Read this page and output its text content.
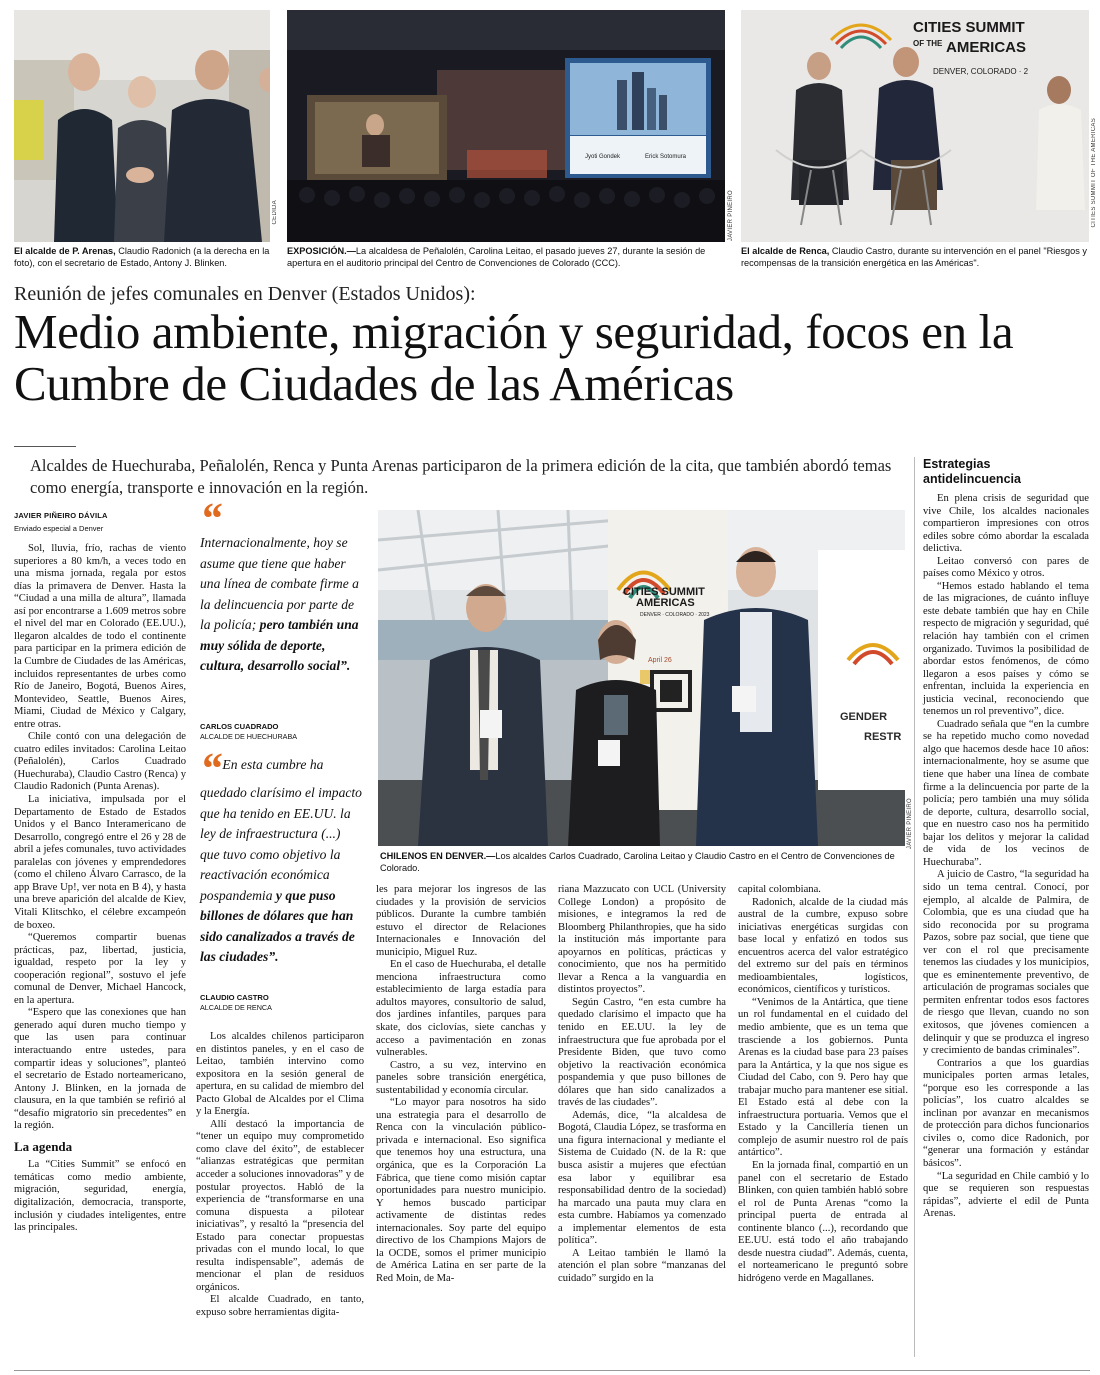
CEDIDA
Jyoti Gondek	Erick Sotomura
JAVIER PIÑEIRO
CITIES SUMMIT
OF THE AMERICAS
DENVER, COLORADO · 2
CITIES SUMMIT OF THE AMERICAS
El alcalde de P. Arenas, Claudio Radonich (a la derecha en la foto), con el secretario de Estado, Antony J. Blinken.
EXPOSICIÓN.—La alcaldesa de Peñalolén, Carolina Leitao, el pasado jueves 27, durante la sesión de apertura en el auditorio principal del Centro de Convenciones de Colorado (CCC).
El alcalde de Renca, Claudio Castro, durante su intervención en el panel "Riesgos y recompensas de la transición energética en las Américas".
Reunión de jefes comunales en Denver (Estados Unidos):
Medio ambiente, migración y seguridad, focos en la Cumbre de Ciudades de las Américas
Alcaldes de Huechuraba, Peñalolén, Renca y Punta Arenas participaron de la primera edición de la cita, que también abordó temas como energía, transporte e innovación en la región.
JAVIER PIÑEIRO DÁVILA
Enviado especial a Denver

Sol, lluvia, frío, rachas de viento superiores a 80 km/h, a veces todo en una misma jornada, regala por estos días la primavera de Denver. Hasta la “Ciudad a una milla de altura”, llamada así por encontrarse a 1.609 metros sobre el nivel del mar en Colorado (EE.UU.), llegaron alcaldes de todo el continente para participar en la primera edición de la Cumbre de Ciudades de las Américas, incluidos representantes de urbes como Río de Janeiro, Bogotá, Buenos Aires, Montevideo, Seattle, Buenos Aires, Miami, Ciudad de México y Calgary, entre otras.

Chile contó con una delegación de cuatro ediles invitados: Carolina Leitao (Peñalolén), Carlos Cuadrado (Huechuraba), Claudio Castro (Renca) y Claudio Radonich (Punta Arenas).

La iniciativa, impulsada por el Departamento de Estado de Estados Unidos y el Banco Interamericano de Desarrollo, congregó entre el 26 y 28 de abril a jefes comunales, tuvo actividades paralelas con jóvenes y emprendedores (como el chileno Álvaro Carrasco, de la app Brave Up!, ver nota en B 4), y hasta una breve aparición del alcalde de Kiev, Vitali Klitschko, el célebre excampeón de boxeo.

“Queremos compartir buenas prácticas, paz, libertad, justicia, igualdad, respeto por la ley y cooperación regional”, sostuvo el jefe comunal de Denver, Michael Hancock, en la apertura.

“Espero que las conexiones que han generado aquí duren mucho tiempo y que las usen para continuar interactuando entre ustedes, para compartir ideas y soluciones”, planteó el secretario de Estado norteamericano, Antony J. Blinken, en la jornada de clausura, en la que también se refirió al “desafío migratorio sin precedentes” en la región.

La agenda

La “Cities Summit” se enfocó en temáticas como medio ambiente, migración, seguridad, energía, digitalización, democracia, transporte, inclusión y ciudades inteligentes, entre las principales.

“
Internacionalmente, hoy se asume que tiene que haber una línea de combate firme a la delincuencia por parte de la policía; pero también una muy sólida de deporte, cultura, desarrollo social”.
CARLOS CUADRADO
ALCALDE DE HUECHURABA
“ En esta cumbre ha quedado clarísimo el impacto que ha tenido en EE.UU. la ley de infraestructura (...) que tuvo como objetivo la reactivación económica pospandemia y que puso billones de dólares que han sido canalizados a través de las ciudades”.
CLAUDIO CASTRO
ALCALDE DE RENCA

Los alcaldes chilenos participaron en distintos paneles, y en el caso de Leitao, también intervino como expositora en la sesión general de apertura, en su calidad de miembro del Pacto Global de Alcaldes por el Clima y la Energía.

Allí destacó la importancia de “tener un equipo muy comprometido como clave del éxito”, de establecer “alianzas estratégicas que permitan acceder a soluciones innovadoras” y de postular proyectos. Habló de la experiencia de “transformarse en una comuna dispuesta a pilotear iniciativas”, y resaltó la “presencia del Estado para conectar propuestas privadas con el mundo local, lo que resulta indispensable”, además de mencionar el plan de residuos orgánicos.

El alcalde Cuadrado, en tanto, expuso sobre herramientas digita-

CITIES SUMMIT
AMERICAS
DENVER · COLORADO · 2023
April 26
GENDER
RESTR
JAVIER PIÑEIRO
CHILENOS EN DENVER.—Los alcaldes Carlos Cuadrado, Carolina Leitao y Claudio Castro en el Centro de Convenciones de Colorado.

les para mejorar los ingresos de las ciudades y la provisión de servicios públicos. Durante la cumbre también estuvo el director de Relaciones Internacionales e Innovación del municipio, Miguel Ruz.

En el caso de Huechuraba, el detalle menciona infraestructura como establecimiento de larga estadía para adultos mayores, consultorio de salud, dos jardines infantiles, parques para skate, dos ciclovías, siete canchas y acceso a pavimentación en zonas vulnerables.

Castro, a su vez, intervino en paneles sobre transición energética, sustentabilidad y economía circular.

“Lo mayor para nosotros ha sido una estrategia para el desarrollo de Renca con la vinculación público-privada e internacional. Eso significa que tenemos hoy una estructura, una orgánica, que es la Corporación La Fábrica, que tiene como misión captar oportunidades para nuestro municipio. Y hemos buscado participar activamente de distintas redes internacionales. Soy parte del equipo directivo de los Champions Majors de la OCDE, somos el primer municipio de América Latina en ser parte de la Red Moin, de Ma-

riana Mazzucato con UCL (University College London) a propósito de misiones, e integramos la red de Bloomberg Philanthropies, que ha sido la institución más importante para apoyarnos en políticas, prácticas y conocimiento, que nos ha permitido llevar a Renca a la vanguardia en distintos proyectos”.

Según Castro, “en esta cumbre ha quedado clarísimo el impacto que ha tenido en EE.UU. la ley de infraestructura que fue aprobada por el Presidente Biden, que tuvo como objetivo la reactivación económica pospandemia y que puso billones de dólares que han sido canalizados a través de las ciudades”.

Además, dice, “la alcaldesa de Bogotá, Claudia López, se trasforma en una figura internacional y mediante el Sistema de Cuidado (N. de la R: que busca asistir a mujeres que efectúan esa labor y equilibrar esa responsabilidad dentro de la sociedad) ha marcado una pauta muy clara en esta cumbre. Habíamos ya comenzado a implementar elementos de esta política”.

A Leitao también le llamó la atención el plan sobre “manzanas del cuidado” surgido en la

capital colombiana.

Radonich, alcalde de la ciudad más austral de la cumbre, expuso sobre iniciativas energéticas surgidas con base local y enfatizó en todos sus encuentros acerca del valor estratégico del extremo sur del país en términos medioambientales, logísticos, económicos, científicos y turísticos.

“Venimos de la Antártica, que tiene un rol fundamental en el cuidado del medio ambiente, que es un tema que trasciende a los gobiernos. Punta Arenas es la ciudad base para 23 países para la Antártica, y la que nos sigue es Ciudad del Cabo, con 9. Pero hay que trabajar mucho para mantener ese sitial. El Estado está al debe con la infraestructura portuaria. Vemos que el Estado y la Cancillería tienen un complejo de asumir nuestro rol de país antártico”.

En la jornada final, compartió en un panel con el secretario de Estado Blinken, con quien también habló sobre el rol de Punta Arenas “como la principal puerta de entrada al continente blanco (...), recordando que EE.UU. está todo el año trabajando desde nuestra ciudad”. Además, cuenta, el norteamericano le preguntó sobre hidrógeno verde en Magallanes.

Estrategias antidelincuencia

En plena crisis de seguridad que vive Chile, los alcaldes nacionales compartieron impresiones con otros ediles sobre cómo abordar la escalada delictiva.

Leitao conversó con pares de países como México y otros.

“Hemos estado hablando el tema de las migraciones, de cuánto influye este debate también que hay en Chile respecto de migración y seguridad, qué relación hay también con el crimen organizado. Tuvimos la posibilidad de abordar estos fenómenos, de cómo llegaron a esos países y cómo se enfrentan, incluida la experiencia en justicia vecinal, reconociendo que tenemos un rol preventivo”, dice.

Cuadrado señala que “en la cumbre se ha repetido mucho como novedad algo que hacemos desde hace 10 años: internacionalmente, hoy se asume que tiene que haber una línea de combate firme a la delincuencia por parte de la policía; pero también una muy sólida de deporte, cultura, desarrollo social, que en nuestro caso nos ha permitido bajar los delitos y mejorar la calidad de vida de los vecinos de Huechuraba”.

A juicio de Castro, “la seguridad ha sido un tema central. Conocí, por ejemplo, al alcalde de Palmira, de Colombia, que es una ciudad que ha sido reconocida por su programa Pazos, sobre paz social, que tiene que ver con el rol que precisamente tenemos las ciudades y los municipios, que es eminentemente preventivo, de articulación de programas sociales que permiten enfrentar todos esos factores de riesgo que llevan, cuando no son exitosos, que jóvenes comiencen a delinquir y que se produzca el ingreso y crecimiento de bandas criminales”.

Contrarios a que los guardias municipales porten armas letales, “porque eso les corresponde a las policías”, los cuatro alcaldes se inclinan por avanzar en mecanismos de protección para dichos funcionarios civiles o, como dice Radonich, por “generar una formación y estándar básicos”.

“La seguridad en Chile cambió y lo que se requieren son respuestas rápidas”, advierte el edil de Punta Arenas.
